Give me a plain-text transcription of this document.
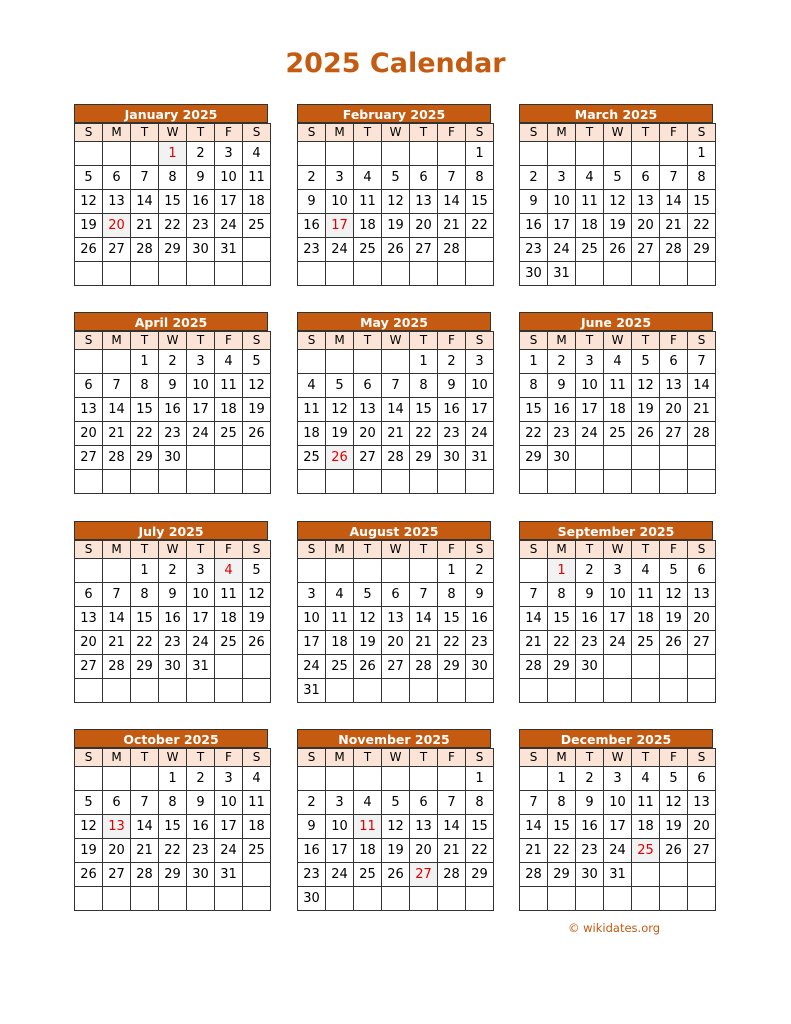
2025 Calendar
January 2025
S	M	T	W	T	F	S
			1	2	3	4
5	6	7	8	9	10	11
12	13	14	15	16	17	18
19	20	21	22	23	24	25
26	27	28	29	30	31	

February 2025
S	M	T	W	T	F	S
						1
2	3	4	5	6	7	8
9	10	11	12	13	14	15
16	17	18	19	20	21	22
23	24	25	26	27	28	

March 2025
S	M	T	W	T	F	S
						1
2	3	4	5	6	7	8
9	10	11	12	13	14	15
16	17	18	19	20	21	22
23	24	25	26	27	28	29
30	31					
April 2025
S	M	T	W	T	F	S
		1	2	3	4	5
6	7	8	9	10	11	12
13	14	15	16	17	18	19
20	21	22	23	24	25	26
27	28	29	30			

May 2025
S	M	T	W	T	F	S
				1	2	3
4	5	6	7	8	9	10
11	12	13	14	15	16	17
18	19	20	21	22	23	24
25	26	27	28	29	30	31

June 2025
S	M	T	W	T	F	S
1	2	3	4	5	6	7
8	9	10	11	12	13	14
15	16	17	18	19	20	21
22	23	24	25	26	27	28
29	30					

July 2025
S	M	T	W	T	F	S
		1	2	3	4	5
6	7	8	9	10	11	12
13	14	15	16	17	18	19
20	21	22	23	24	25	26
27	28	29	30	31		

August 2025
S	M	T	W	T	F	S
					1	2
3	4	5	6	7	8	9
10	11	12	13	14	15	16
17	18	19	20	21	22	23
24	25	26	27	28	29	30
31						
September 2025
S	M	T	W	T	F	S
	1	2	3	4	5	6
7	8	9	10	11	12	13
14	15	16	17	18	19	20
21	22	23	24	25	26	27
28	29	30				

October 2025
S	M	T	W	T	F	S
			1	2	3	4
5	6	7	8	9	10	11
12	13	14	15	16	17	18
19	20	21	22	23	24	25
26	27	28	29	30	31	

November 2025
S	M	T	W	T	F	S
						1
2	3	4	5	6	7	8
9	10	11	12	13	14	15
16	17	18	19	20	21	22
23	24	25	26	27	28	29
30						
December 2025
S	M	T	W	T	F	S
	1	2	3	4	5	6
7	8	9	10	11	12	13
14	15	16	17	18	19	20
21	22	23	24	25	26	27
28	29	30	31			

© wikidates.org
